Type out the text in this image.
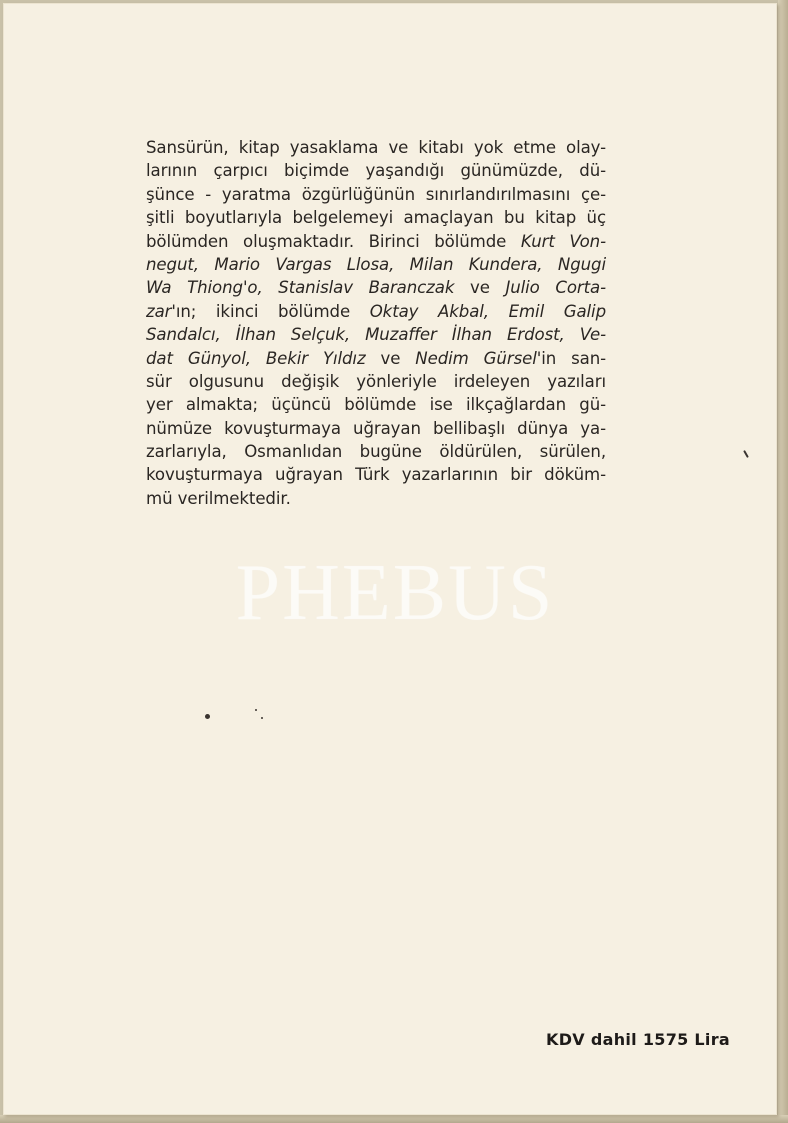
Sansürün, kitap yasaklama ve kitabı yok etme olay-
larının çarpıcı biçimde yaşandığı günümüzde, dü-
şünce - yaratma özgürlüğünün sınırlandırılmasını çe-
şitli boyutlarıyla belgelemeyi amaçlayan bu kitap üç
bölümden oluşmaktadır. Birinci bölümde Kurt Von-
negut, Mario Vargas Llosa, Milan Kundera, Ngugi
Wa Thiong'o, Stanislav Baranczak ve Julio Corta-
zar'ın; ikinci bölümde Oktay Akbal, Emil Galip
Sandalcı, İlhan Selçuk, Muzaffer İlhan Erdost, Ve-
dat Günyol, Bekir Yıldız ve Nedim Gürsel'in san-
sür olgusunu değişik yönleriyle irdeleyen yazıları
yer almakta; üçüncü bölümde ise ilkçağlardan gü-
nümüze kovuşturmaya uğrayan bellibaşlı dünya ya-
zarlarıyla, Osmanlıdan bugüne öldürülen, sürülen,
kovuşturmaya uğrayan Türk yazarlarının bir döküm-
mü verilmektedir.
PHEBUS
KDV dahil 1575 Lira
